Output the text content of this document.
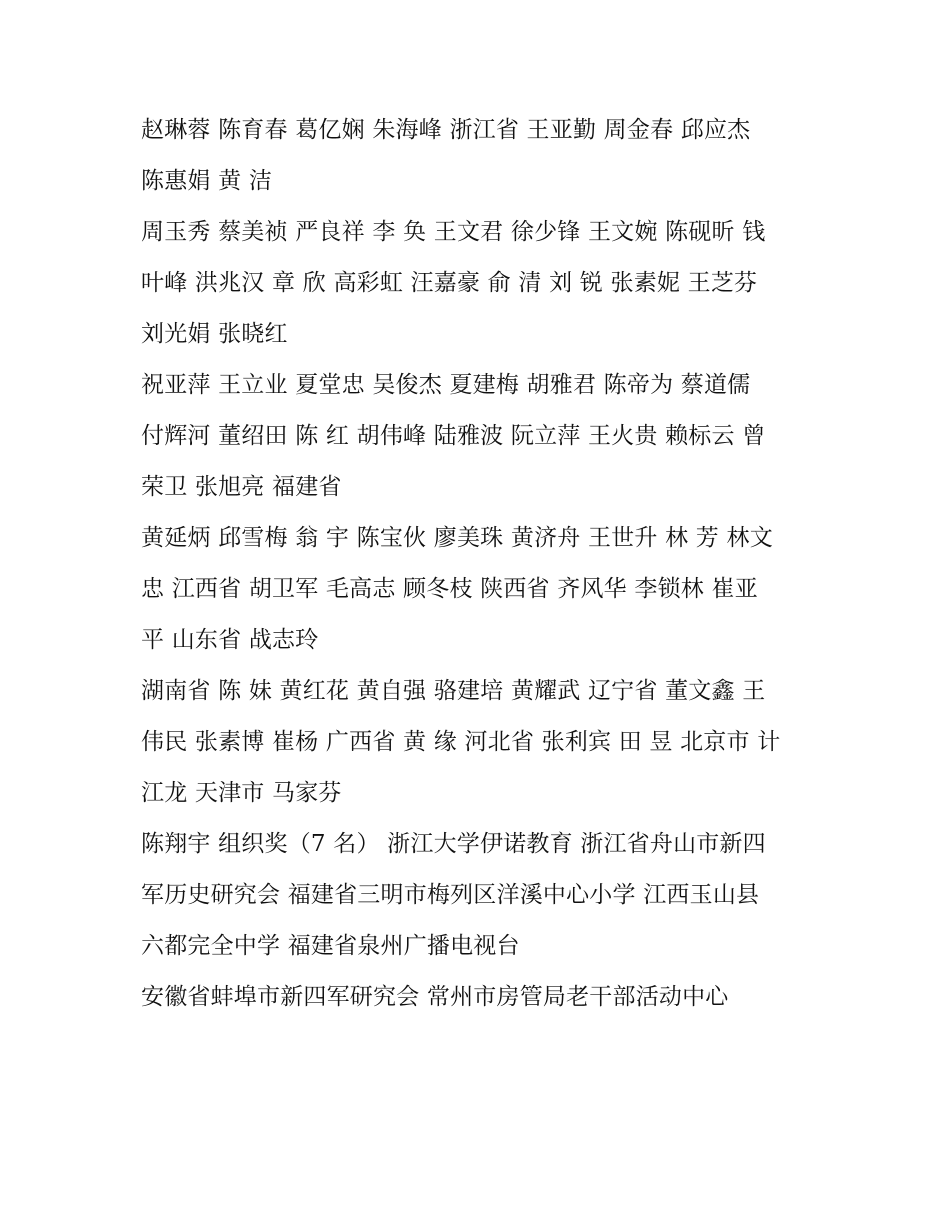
赵琳蓉 陈育春 葛亿娴 朱海峰 浙江省 王亚勤 周金春 邱应杰
陈惠娟 黄 洁
周玉秀 蔡美祯 严良祥 李 奂 王文君 徐少锋 王文婉 陈砚昕 钱
叶峰 洪兆汉 章 欣 高彩虹 汪嘉豪 俞 清 刘 锐 张素妮 王芝芬
刘光娟 张晓红
祝亚萍 王立业 夏堂忠 吴俊杰 夏建梅 胡雅君 陈帝为 蔡道儒
付辉河 董绍田 陈 红 胡伟峰 陆雅波 阮立萍 王火贵 赖标云 曾
荣卫 张旭亮 福建省
黄延炳 邱雪梅 翁 宇 陈宝伙 廖美珠 黄济舟 王世升 林 芳 林文
忠 江西省 胡卫军 毛高志 顾冬枝 陕西省 齐风华 李锁林 崔亚
平 山东省 战志玲
湖南省 陈 妹 黄红花 黄自强 骆建培 黄耀武 辽宁省 董文鑫 王
伟民 张素博 崔杨 广西省 黄 缘 河北省 张利宾 田 昱 北京市 计
江龙 天津市 马家芬
陈翔宇 组织奖（7 名） 浙江大学伊诺教育 浙江省舟山市新四
军历史研究会 福建省三明市梅列区洋溪中心小学 江西玉山县
六都完全中学 福建省泉州广播电视台
安徽省蚌埠市新四军研究会 常州市房管局老干部活动中心
